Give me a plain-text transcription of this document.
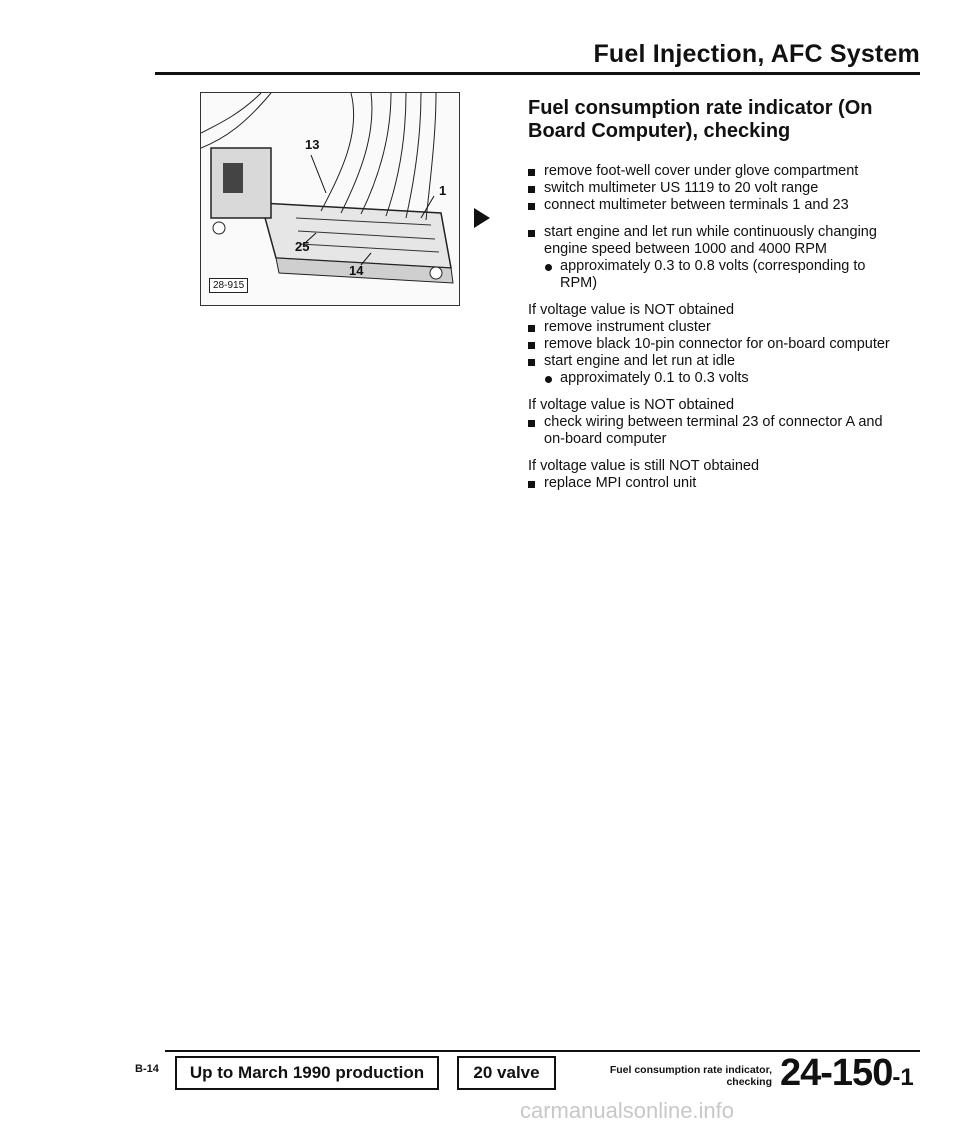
Fuel Injection, AFC System
13
1
25
14
28-915
Fuel consumption rate indicator (On Board Computer), checking
remove foot-well cover under glove compartment
switch multimeter US 1119 to 20 volt range
connect multimeter between terminals 1 and 23
start engine and let run while continuously changing engine speed between 1000 and 4000 RPM
approximately 0.3 to 0.8 volts (corresponding to RPM)
If voltage value is NOT obtained
remove instrument cluster
remove black 10-pin connector for on-board computer
start engine and let run at idle
approximately 0.1 to 0.3 volts
If voltage value is NOT obtained
check wiring between terminal 23 of connector A and on-board computer
If voltage value is still NOT obtained
replace MPI control unit
B-14	Up to March 1990 production	20 valve	Fuel consumption rate indicator,
checking 24-150-1
carmanualsonline.info
